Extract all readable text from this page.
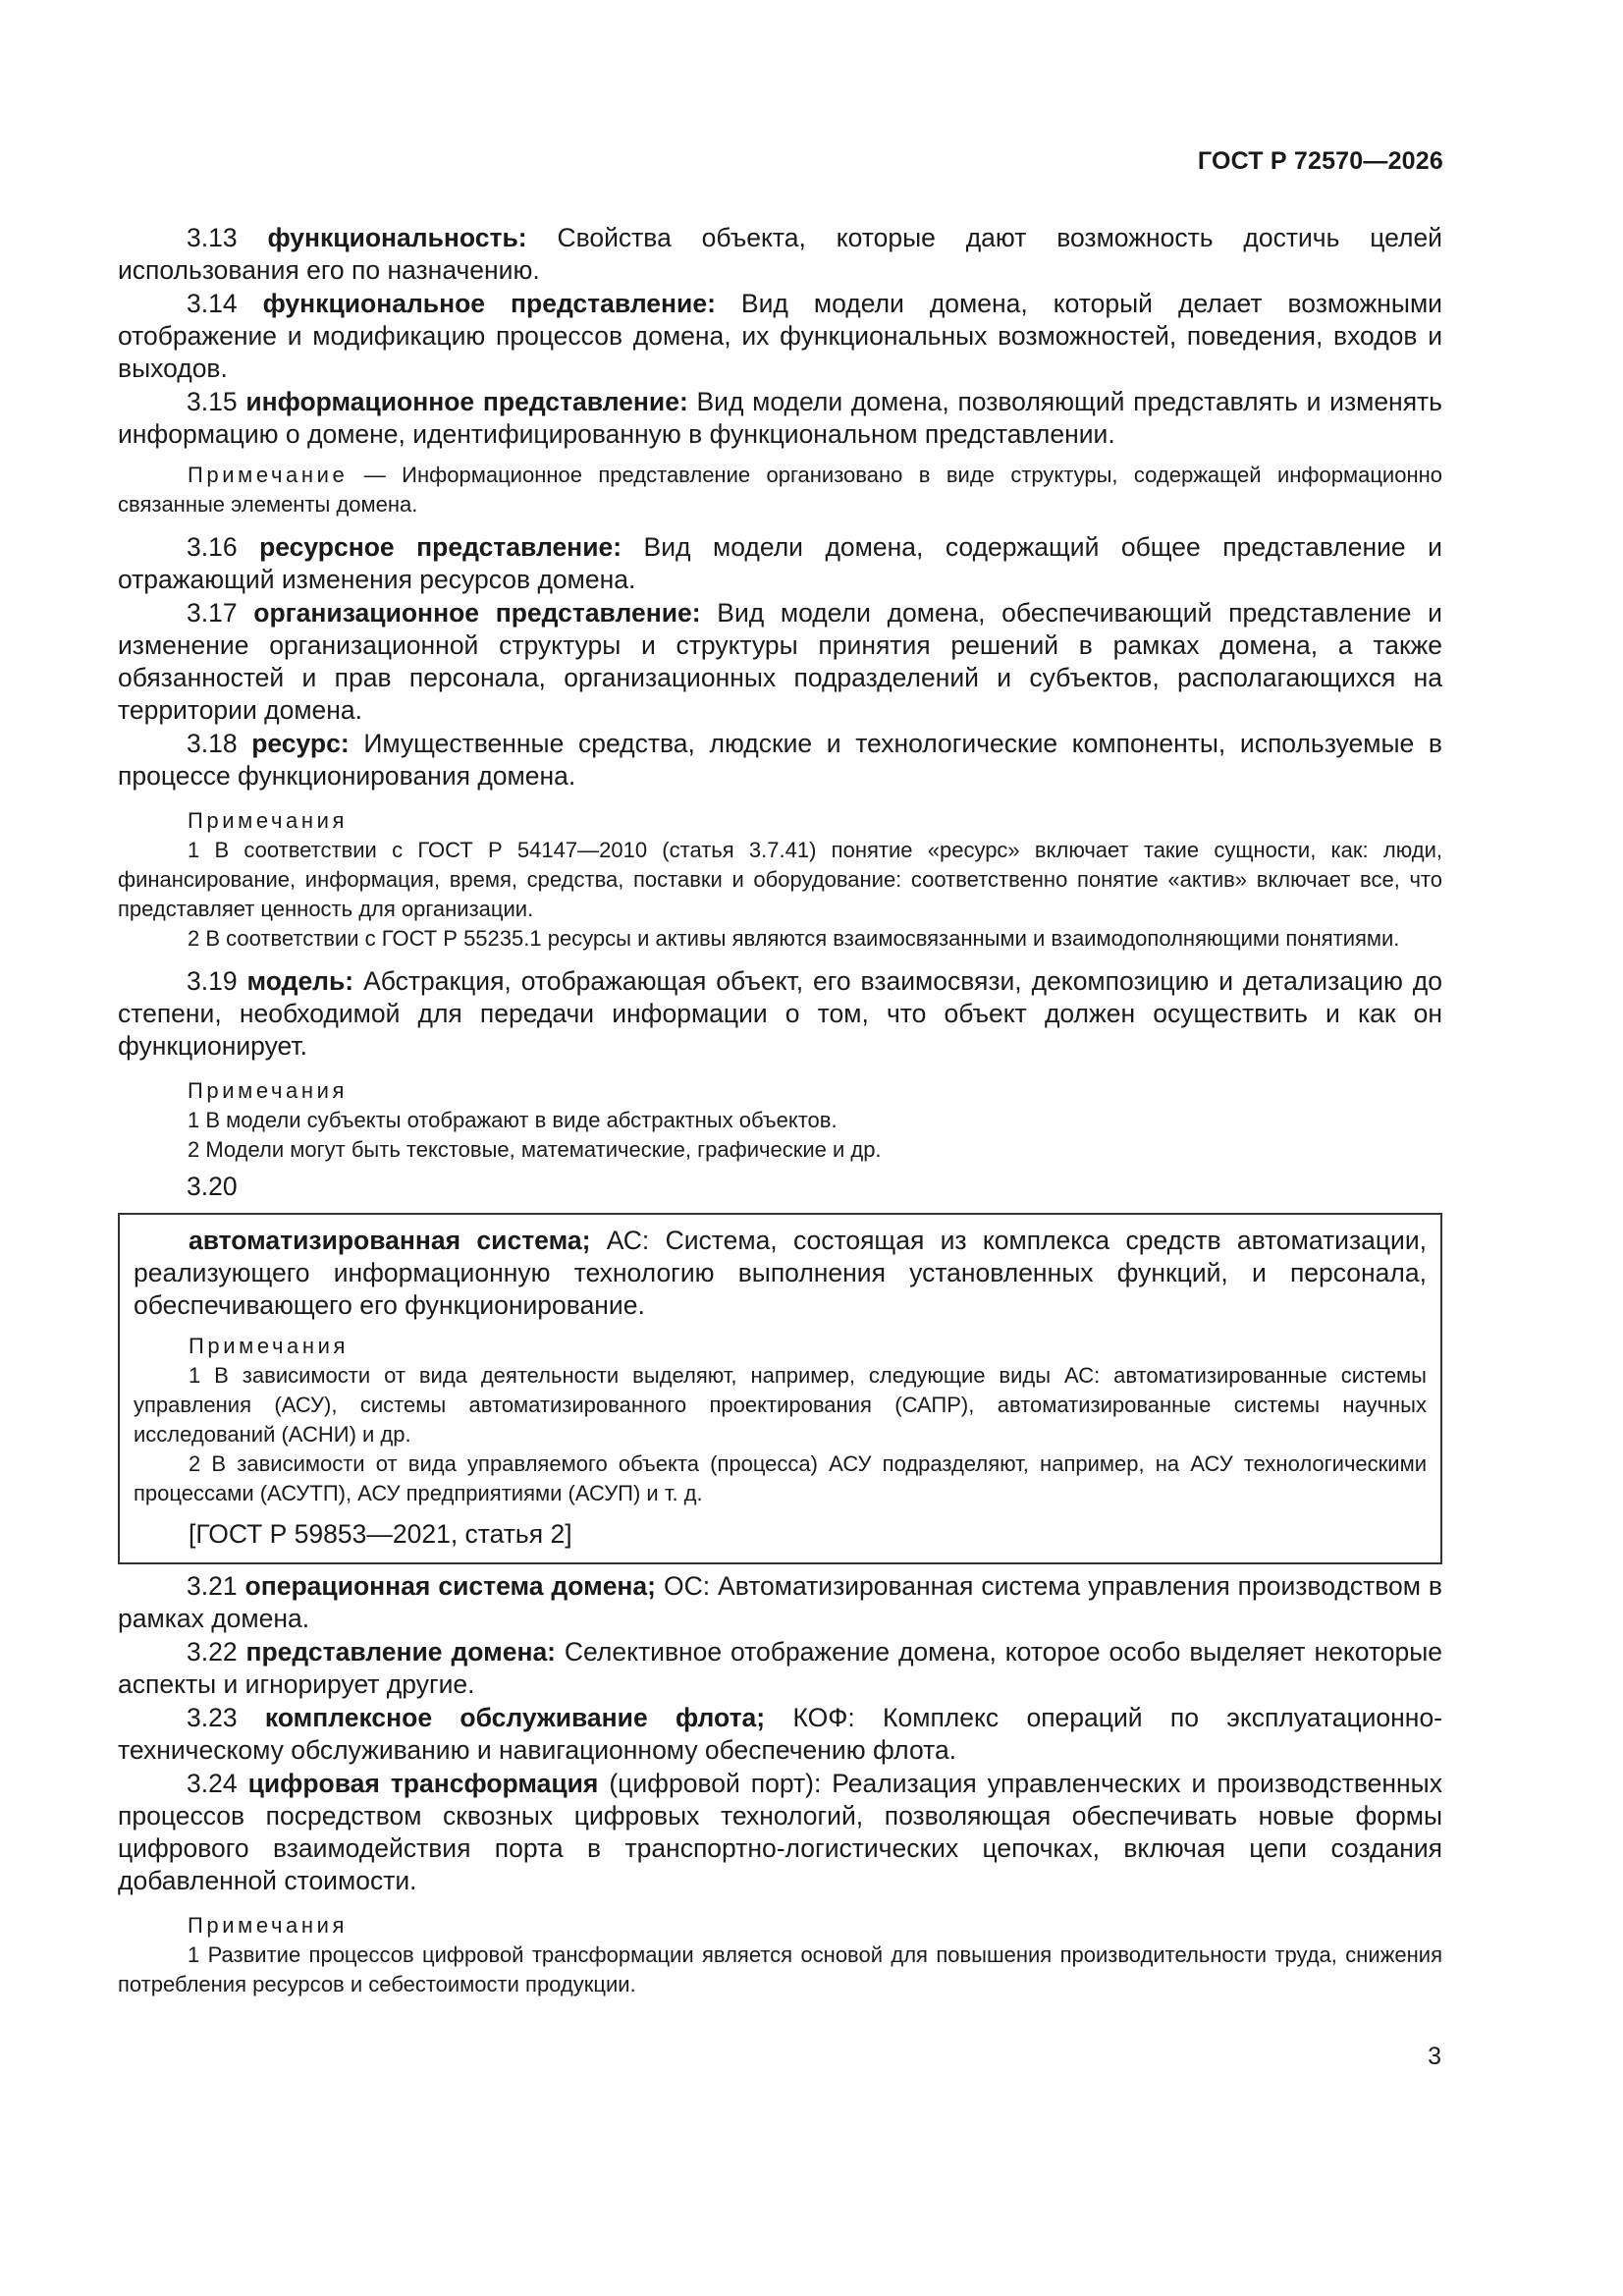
ГОСТ Р 72570—2026

3.13 функциональность: Свойства объекта, которые дают возможность достичь целей использования его по назначению.

3.14 функциональное представление: Вид модели домена, который делает возможными отображение и модификацию процессов домена, их функциональных возможностей, поведения, входов и выходов.

3.15 информационное представление: Вид модели домена, позволяющий представлять и изменять информацию о домене, идентифицированную в функциональном представлении.

Примечание — Информационное представление организовано в виде структуры, содержащей информационно связанные элементы домена.

3.16 ресурсное представление: Вид модели домена, содержащий общее представление и отражающий изменения ресурсов домена.

3.17 организационное представление: Вид модели домена, обеспечивающий представление и изменение организационной структуры и структуры принятия решений в рамках домена, а также обязанностей и прав персонала, организационных подразделений и субъектов, располагающихся на территории домена.

3.18 ресурс: Имущественные средства, людские и технологические компоненты, используемые в процессе функционирования домена.

Примечания

1 В соответствии с ГОСТ Р 54147—2010 (статья 3.7.41) понятие «ресурс» включает такие сущности, как: люди, финансирование, информация, время, средства, поставки и оборудование: соответственно понятие «актив» включает все, что представляет ценность для организации.

2 В соответствии с ГОСТ Р 55235.1 ресурсы и активы являются взаимосвязанными и взаимодополняющими понятиями.

3.19 модель: Абстракция, отображающая объект, его взаимосвязи, декомпозицию и детализацию до степени, необходимой для передачи информации о том, что объект должен осуществить и как он функционирует.

Примечания

1 В модели субъекты отображают в виде абстрактных объектов.

2 Модели могут быть текстовые, математические, графические и др.

3.20

автоматизированная система; АС: Система, состоящая из комплекса средств автоматизации, реализующего информационную технологию выполнения установленных функций, и персонала, обеспечивающего его функционирование.

Примечания

1 В зависимости от вида деятельности выделяют, например, следующие виды АС: автоматизированные системы управления (АСУ), системы автоматизированного проектирования (САПР), автоматизированные системы научных исследований (АСНИ) и др.

2 В зависимости от вида управляемого объекта (процесса) АСУ подразделяют, например, на АСУ технологическими процессами (АСУТП), АСУ предприятиями (АСУП) и т. д.

[ГОСТ Р 59853—2021, статья 2]

3.21 операционная система домена; ОС: Автоматизированная система управления производством в рамках домена.

3.22 представление домена: Селективное отображение домена, которое особо выделяет некоторые аспекты и игнорирует другие.

3.23 комплексное обслуживание флота; КОФ: Комплекс операций по эксплуатационно-техническому обслуживанию и навигационному обеспечению флота.

3.24 цифровая трансформация (цифровой порт): Реализация управленческих и производственных процессов посредством сквозных цифровых технологий, позволяющая обеспечивать новые формы цифрового взаимодействия порта в транспортно-логистических цепочках, включая цепи создания добавленной стоимости.

Примечания

1 Развитие процессов цифровой трансформации является основой для повышения производительности труда, снижения потребления ресурсов и себестоимости продукции.

3
